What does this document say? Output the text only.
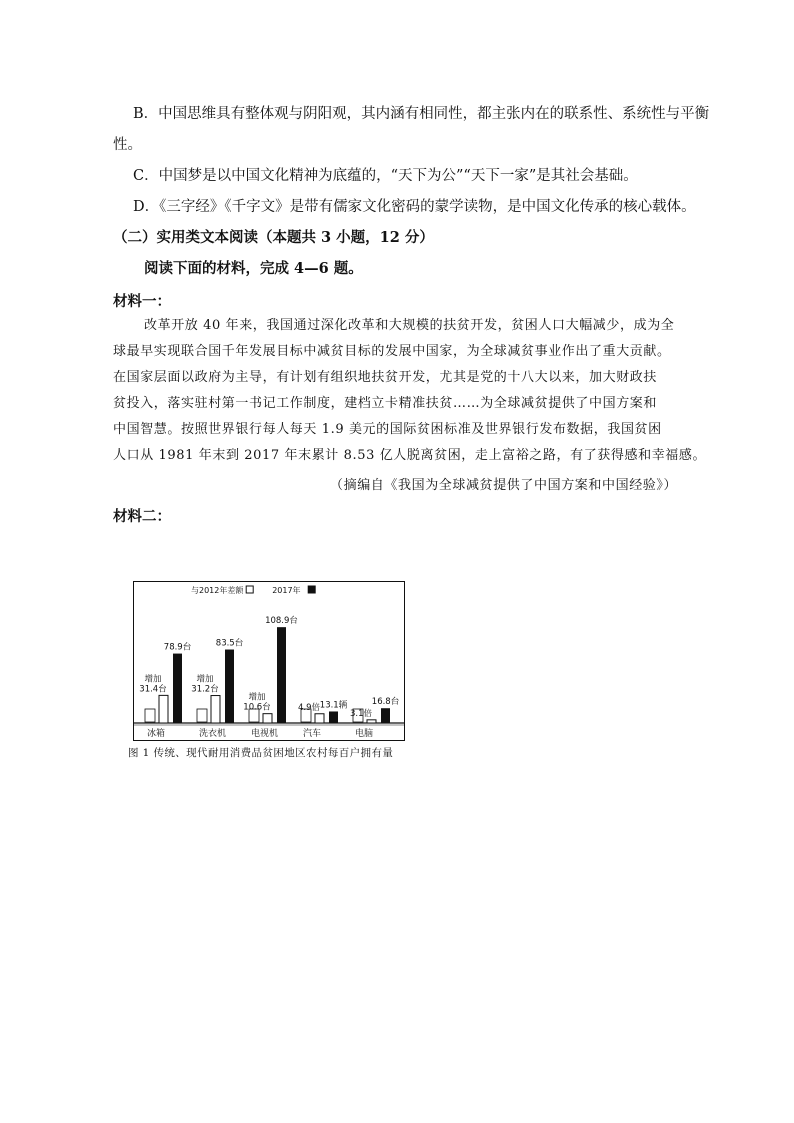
B．中国思维具有整体观与阴阳观，其内涵有相同性，都主张内在的联系性、系统性与平衡
性。
C．中国梦是以中国文化精神为底蕴的，“天下为公”“天下一家”是其社会基础。
D．《三字经》《千字文》是带有儒家文化密码的蒙学读物，是中国文化传承的核心载体。
（二）实用类文本阅读（本题共 3 小题，12 分）
阅读下面的材料，完成 4—6 题。
材料一：
改革开放 40 年来，我国通过深化改革和大规模的扶贫开发，贫困人口大幅减少，成为全
球最早实现联合国千年发展目标中减贫目标的发展中国家，为全球减贫事业作出了重大贡献。
在国家层面以政府为主导，有计划有组织地扶贫开发，尤其是党的十八大以来，加大财政扶
贫投入，落实驻村第一书记工作制度，建档立卡精准扶贫……为全球减贫提供了中国方案和
中国智慧。按照世界银行每人每天 1.9 美元的国际贫困标准及世界银行发布数据，我国贫困
人口从 1981 年末到 2017 年末累计 8.53 亿人脱离贫困，走上富裕之路，有了获得感和幸福感。
（摘编自《我国为全球减贫提供了中国方案和中国经验》）
材料二：
与2012年差额	2017年
冰箱
增加
31.4台
78.9台
洗衣机
增加
31.2台
83.5台
电视机
增加
10.6台
108.9台
汽车
4.9倍 13.1辆
电脑
3.1倍
16.8台
图 1 传统、现代耐用消费品贫困地区农村每百户拥有量
